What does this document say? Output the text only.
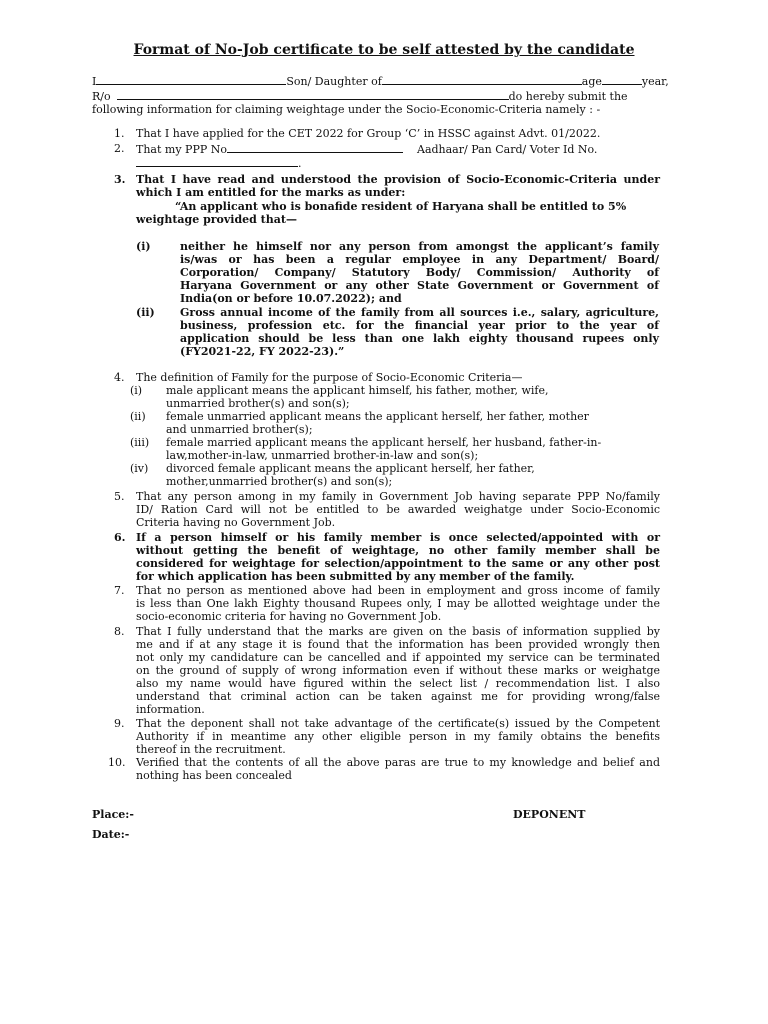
Format of No-Job certificate to be self attested by the candidate
I	Son/ Daughter of	age	year,
R/o	do hereby submit the
following information for claiming weightage under the Socio-Economic-Criteria namely : -
1. That I have applied for the CET 2022 for Group ‘C’ in HSSC against Advt. 01/2022.
2. That my PPP No	Aadhaar/ Pan Card/ Voter Id No.
.
3. That I have read and understood the provision of Socio-Economic-Criteria under
which I am entitled for the marks as under:
“An applicant who is bonafide resident of Haryana shall be entitled to 5%
weightage provided that—
(i)	neither he himself nor any person from amongst the applicant’s family
is/was or has been a regular employee in any Department/ Board/
Corporation/ Company/ Statutory Body/ Commission/ Authority of
Haryana Government or any other State Government or Government of
India(on or before 10.07.2022); and
(ii) Gross annual income of the family from all sources i.e., salary, agriculture,
business, profession etc. for the financial year prior to the year of
application should be less than one lakh eighty thousand rupees only
(FY2021-22, FY 2022-23).”
4. The definition of Family for the purpose of Socio-Economic Criteria—
(i) male applicant means the applicant himself, his father, mother, wife,
unmarried brother(s) and son(s);
(ii) female unmarried applicant means the applicant herself, her father, mother
and unmarried brother(s);
(iii) female married applicant means the applicant herself, her husband, father-in-
law,mother-in-law, unmarried brother-in-law and son(s);
(iv) divorced female applicant means the applicant herself, her father,
mother,unmarried brother(s) and son(s);
5. That any person among in my family in Government Job having separate PPP No/family
ID/ Ration Card will not be entitled to be awarded weighatge under Socio-Economic
Criteria having no Government Job.
6. If a person himself or his family member is once selected/appointed with or
without getting the benefit of weightage, no other family member shall be
considered for weightage for selection/appointment to the same or any other post
for which application has been submitted by any member of the family.
7. That no person as mentioned above had been in employment and gross income of family
is less than One lakh Eighty thousand Rupees only, I may be allotted weightage under the
socio-economic criteria for having no Government Job.
8. That I fully understand that the marks are given on the basis of information supplied by
me and if at any stage it is found that the information has been provided wrongly then
not only my candidature can be cancelled and if appointed my service can be terminated
on the ground of supply of wrong information even if without these marks or weighatge
also my name would have figured within the select list / recommendation list. I also
understand that criminal action can be taken against me for providing wrong/false
information.
9. That the deponent shall not take advantage of the certificate(s) issued by the Competent
Authority if in meantime any other eligible person in my family obtains the benefits
thereof in the recruitment.
10. Verified that the contents of all the above paras are true to my knowledge and belief and
nothing has been concealed
Place:-	DEPONENT
Date:-
